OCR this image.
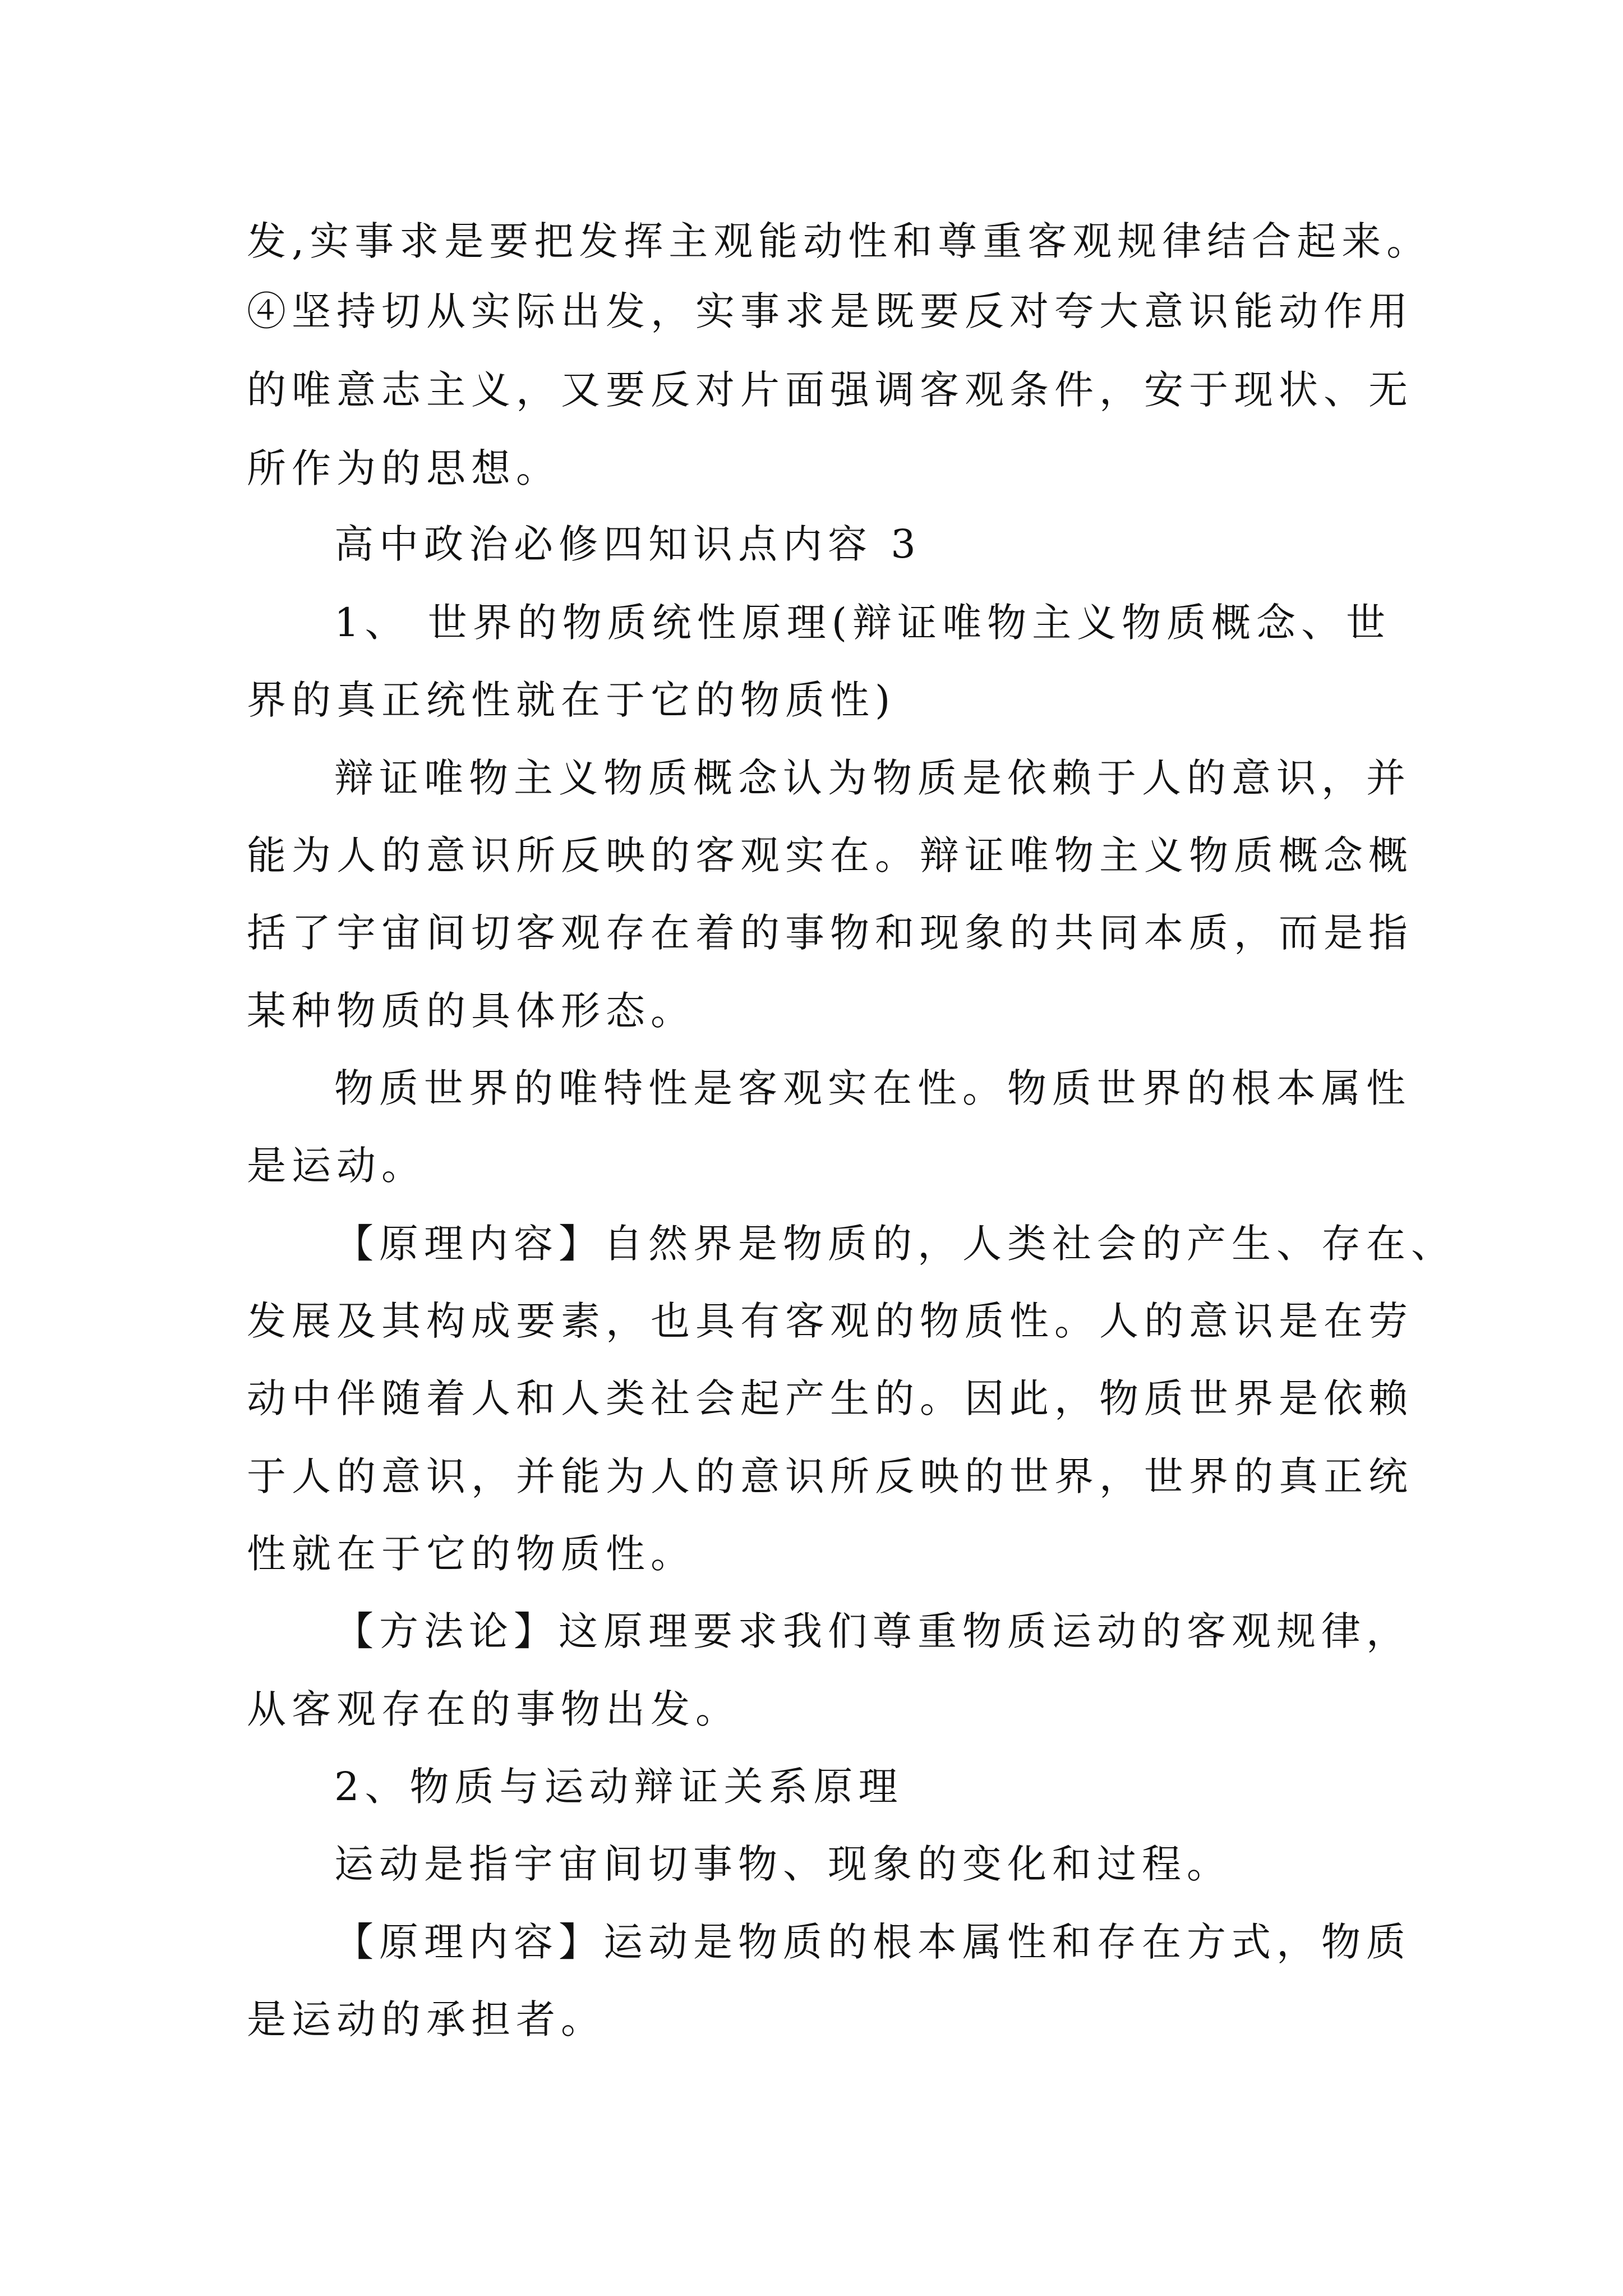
发,实事求是要把发挥主观能动性和尊重客观规律结合起来。
④坚持切从实际出发，实事求是既要反对夸大意识能动作用
的唯意志主义，又要反对片面强调客观条件，安于现状、无
所作为的思想。
高中政治必修四知识点内容 3
1、 世界的物质统性原理(辩证唯物主义物质概念、世
界的真正统性就在于它的物质性)
辩证唯物主义物质概念认为物质是依赖于人的意识，并
能为人的意识所反映的客观实在。辩证唯物主义物质概念概
括了宇宙间切客观存在着的事物和现象的共同本质，而是指
某种物质的具体形态。
物质世界的唯特性是客观实在性。物质世界的根本属性
是运动。
【原理内容】自然界是物质的，人类社会的产生、存在、
发展及其构成要素，也具有客观的物质性。人的意识是在劳
动中伴随着人和人类社会起产生的。因此，物质世界是依赖
于人的意识，并能为人的意识所反映的世界，世界的真正统
性就在于它的物质性。
【方法论】这原理要求我们尊重物质运动的客观规律，
从客观存在的事物出发。
2、物质与运动辩证关系原理
运动是指宇宙间切事物、现象的变化和过程。
【原理内容】运动是物质的根本属性和存在方式，物质
是运动的承担者。
